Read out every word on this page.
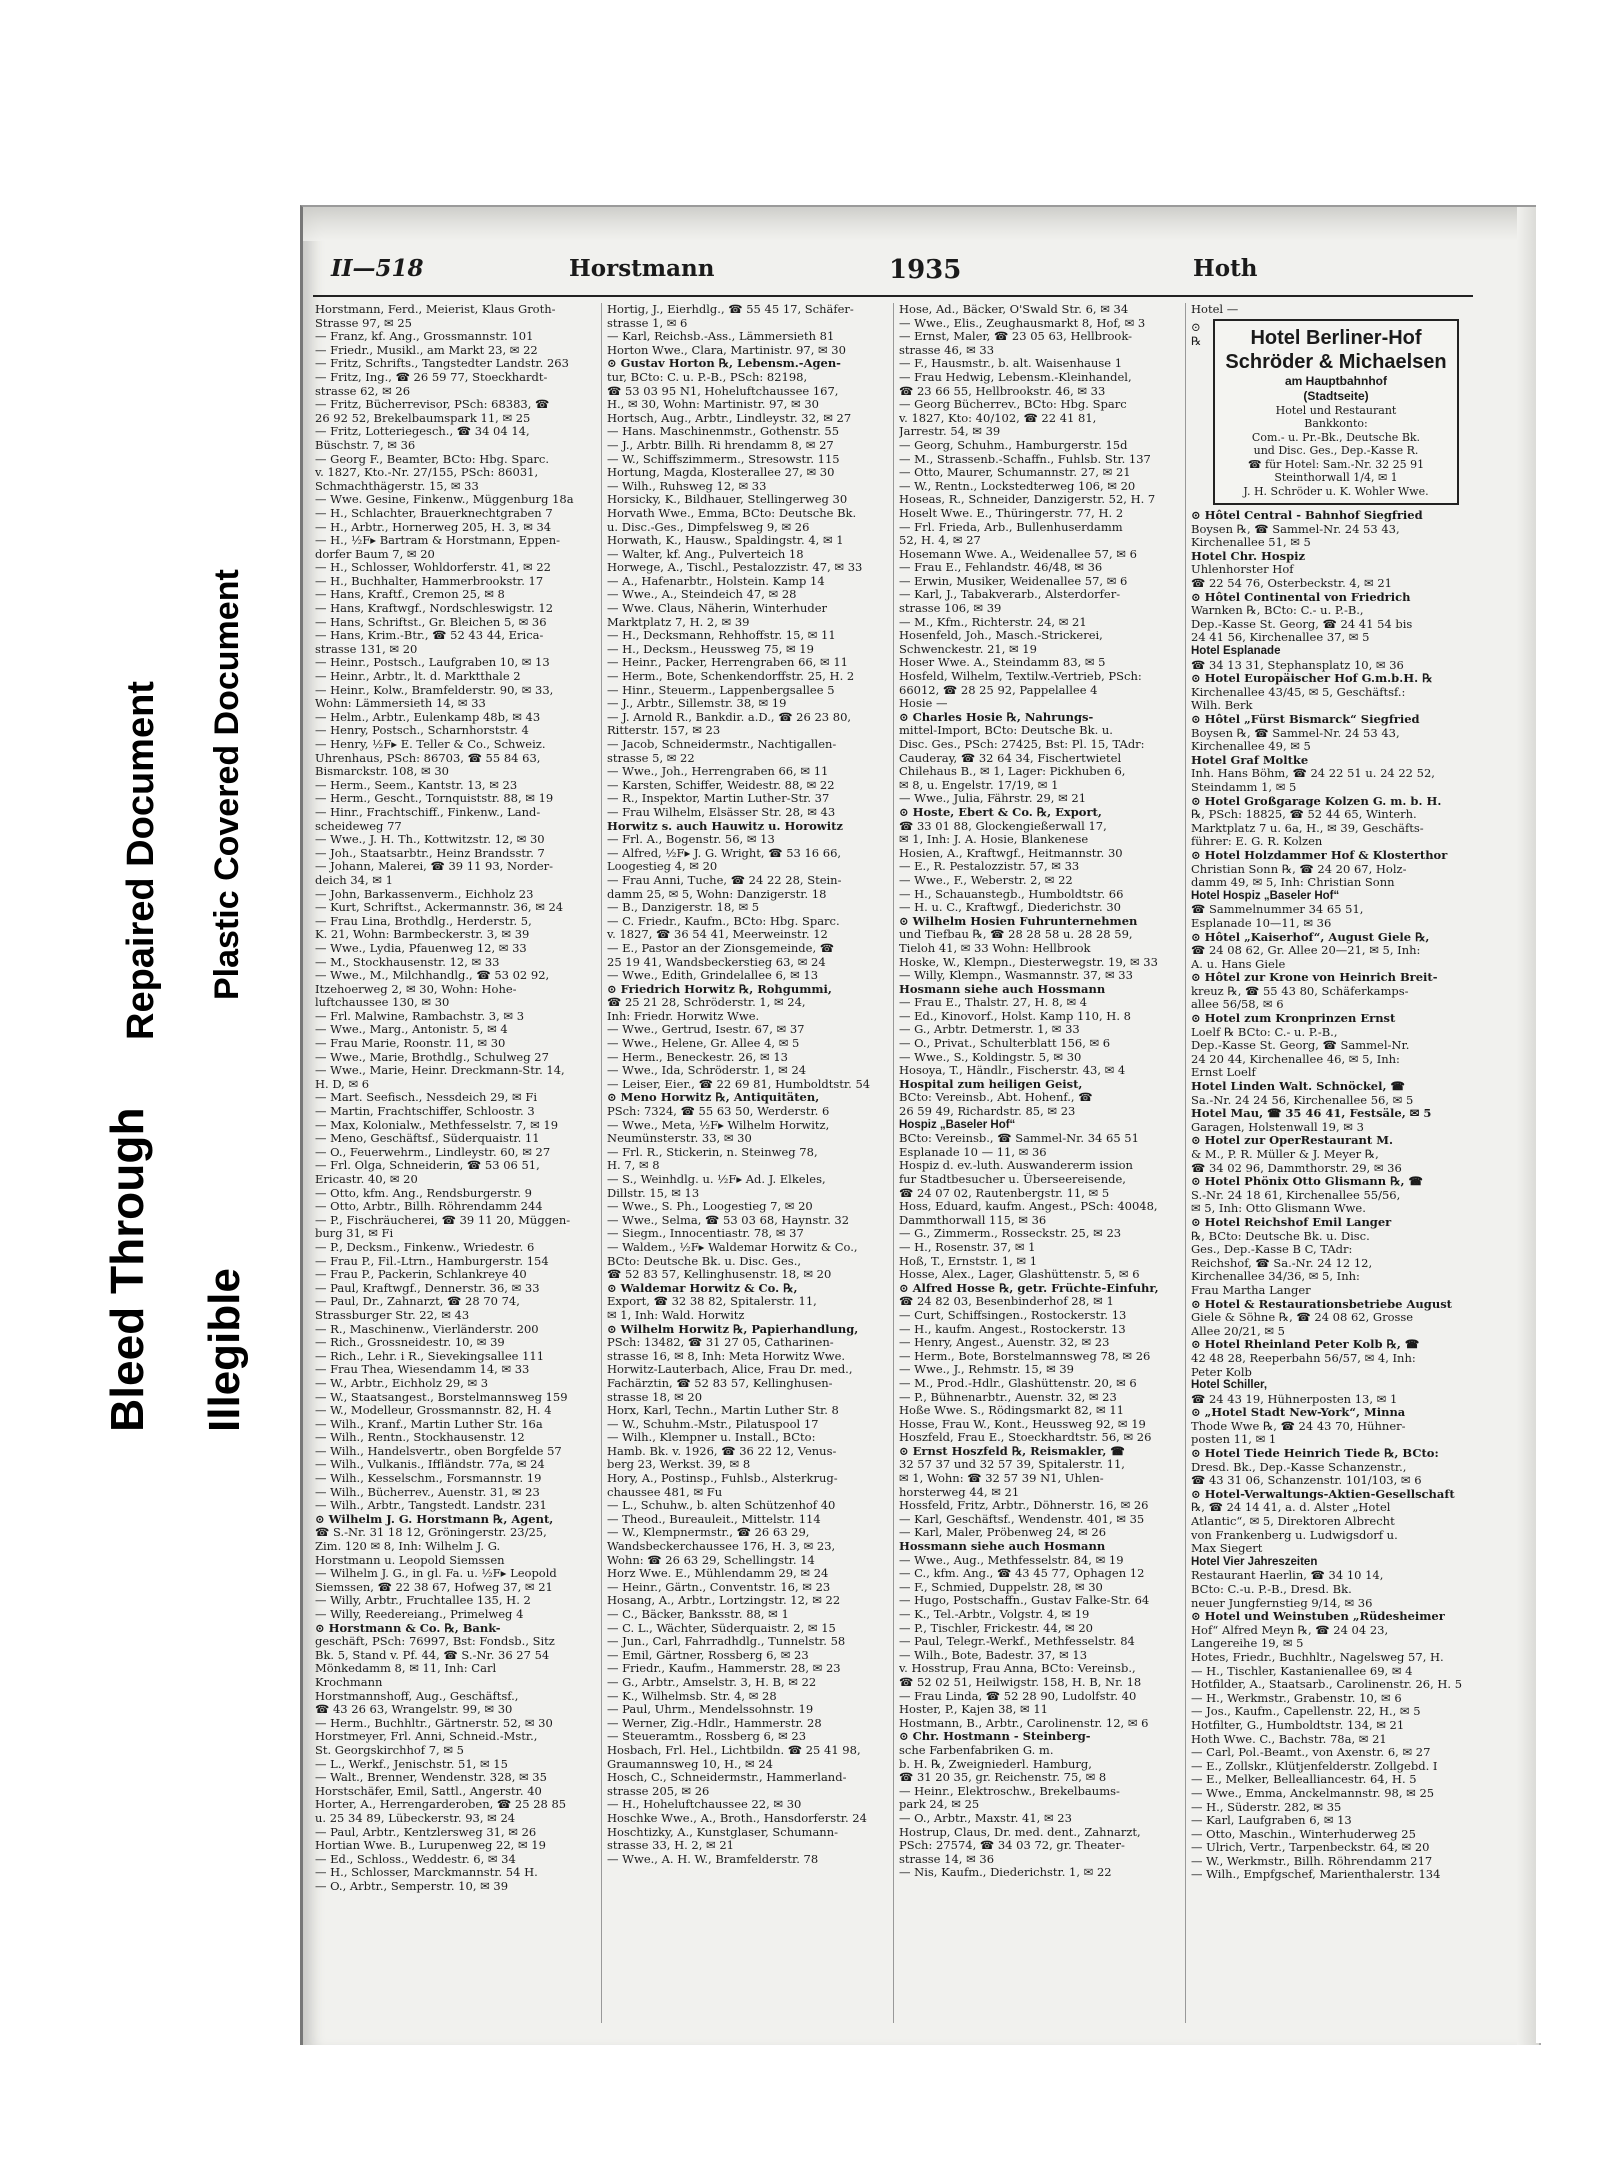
Bleed Through
Repaired Document
Illegible
Plastic Covered Document
II—518	Horstmann	1935	Hoth

Horstmann, Ferd., Meierist, Klaus Groth-

Strasse 97, ✉ 25

— Franz, kf. Ang., Grossmannstr. 101

— Friedr., Musikl., am Markt 23, ✉ 22

— Fritz, Schrifts., Tangstedter Landstr. 263

— Fritz, Ing., ☎ 26 59 77, Stoeckhardt-

strasse 62, ✉ 26

— Fritz, Bücherrevisor, PSch: 68383, ☎

26 92 52, Brekelbaumspark 11, ✉ 25

— Fritz, Lotteriegesch., ☎ 34 04 14,

Büschstr. 7, ✉ 36

— Georg F., Beamter, BCto: Hbg. Sparc.

v. 1827, Kto.-Nr. 27/155, PSch: 86031,

Schmachthägerstr. 15, ✉ 33

— Wwe. Gesine, Finkenw., Müggenburg 18a

— H., Schlachter, Brauerknechtgraben 7

— H., Arbtr., Hornerweg 205, H. 3, ✉ 34

— H., ½F▸ Bartram & Horstmann, Eppen-

dorfer Baum 7, ✉ 20

— H., Schlosser, Wohldorferstr. 41, ✉ 22

— H., Buchhalter, Hammerbrookstr. 17

— Hans, Kraftf., Cremon 25, ✉ 8

— Hans, Kraftwgf., Nordschleswigstr. 12

— Hans, Schriftst., Gr. Bleichen 5, ✉ 36

— Hans, Krim.-Btr., ☎ 52 43 44, Erica-

strasse 131, ✉ 20

— Heinr., Postsch., Laufgraben 10, ✉ 13

— Heinr., Arbtr., lt. d. Marktthale 2

— Heinr., Kolw., Bramfelderstr. 90, ✉ 33,

Wohn: Lämmersieth 14, ✉ 33

— Helm., Arbtr., Eulenkamp 48b, ✉ 43

— Henry, Postsch., Scharnhorststr. 4

— Henry, ½F▸ E. Teller & Co., Schweiz.

Uhrenhaus, PSch: 86703, ☎ 55 84 63,

Bismarckstr. 108, ✉ 30

— Herm., Seem., Kantstr. 13, ✉ 23

— Herm., Gescht., Tornquiststr. 88, ✉ 19

— Hinr., Frachtschiff., Finkenw., Land-

scheideweg 77

— Wwe., J. H. Th., Kottwitzstr. 12, ✉ 30

— Joh., Staatsarbtr., Heinz Brandsstr. 7

— Johann, Malerei, ☎ 39 11 93, Norder-

deich 34, ✉ 1

— John, Barkassenverm., Eichholz 23

— Kurt, Schriftst., Ackermannstr. 36, ✉ 24

— Frau Lina, Brothdlg., Herderstr. 5,

K. 21, Wohn: Barmbeckerstr. 3, ✉ 39

— Wwe., Lydia, Pfauenweg 12, ✉ 33

— M., Stockhausenstr. 12, ✉ 33

— Wwe., M., Milchhandlg., ☎ 53 02 92,

Itzehoerweg 2, ✉ 30, Wohn: Hohe-

luftchaussee 130, ✉ 30

— Frl. Malwine, Rambachstr. 3, ✉ 3

— Wwe., Marg., Antonistr. 5, ✉ 4

— Frau Marie, Roonstr. 11, ✉ 30

— Wwe., Marie, Brothdlg., Schulweg 27

— Wwe., Marie, Heinr. Dreckmann-Str. 14,

H. D, ✉ 6

— Mart. Seefisch., Nessdeich 29, ✉ Fi

— Martin, Frachtschiffer, Schloostr. 3

— Max, Kolonialw., Methfesselstr. 7, ✉ 19

— Meno, Geschäftsf., Süderquaistr. 11

— O., Feuerwehrm., Lindleystr. 60, ✉ 27

— Frl. Olga, Schneiderin, ☎ 53 06 51,

Ericastr. 40, ✉ 20

— Otto, kfm. Ang., Rendsburgerstr. 9

— Otto, Arbtr., Billh. Röhrendamm 244

— P., Fischräucherei, ☎ 39 11 20, Müggen-

burg 31, ✉ Fi

— P., Decksm., Finkenw., Wriedestr. 6

— Frau P., Fil.-Ltrn., Hamburgerstr. 154

— Frau P., Packerin, Schlankreye 40

— Paul, Kraftwgf., Dennerstr. 36, ✉ 33

— Paul, Dr., Zahnarzt, ☎ 28 70 74,

Strassburger Str. 22, ✉ 43

— R., Maschinenw., Vierländerstr. 200

— Rich., Grossneidestr. 10, ✉ 39

— Rich., Lehr. i R., Sievekingsallee 111

— Frau Thea, Wiesendamm 14, ✉ 33

— W., Arbtr., Eichholz 29, ✉ 3

— W., Staatsangest., Borstelmannsweg 159

— W., Modelleur, Grossmannstr. 82, H. 4

— Wilh., Kranf., Martin Luther Str. 16a

— Wilh., Rentn., Stockhausenstr. 12

— Wilh., Handelsvertr., oben Borgfelde 57

— Wilh., Vulkanis., Iffländstr. 77a, ✉ 24

— Wilh., Kesselschm., Forsmannstr. 19

— Wilh., Bücherrev., Auenstr. 31, ✉ 23

— Wilh., Arbtr., Tangstedt. Landstr. 231

⊙ Wilhelm J. G. Horstmann ℞, Agent,

☎ S.-Nr. 31 18 12, Gröningerstr. 23/25,

Zim. 120 ✉ 8, Inh: Wilhelm J. G.

Horstmann u. Leopold Siemssen

— Wilhelm J. G., in gl. Fa. u. ½F▸ Leopold

Siemssen, ☎ 22 38 67, Hofweg 37, ✉ 21

— Willy, Arbtr., Fruchtallee 135, H. 2

— Willy, Reedereiang., Primelweg 4

⊙ Horstmann & Co. ℞, Bank-

geschäft, PSch: 76997, Bst: Fondsb., Sitz

Bk. 5, Stand v. Pf. 44, ☎ S.-Nr. 36 27 54

Mönkedamm 8, ✉ 11, Inh: Carl

Krochmann

Horstmannshoff, Aug., Geschäftsf.,

☎ 43 26 63, Wrangelstr. 99, ✉ 30

— Herm., Buchhltr., Gärtnerstr. 52, ✉ 30

Horstmeyer, Frl. Anni, Schneid.-Mstr.,

St. Georgskirchhof 7, ✉ 5

— L., Werkf., Jenischstr. 51, ✉ 15

— Walt., Brenner, Wendenstr. 328, ✉ 35

Horstschäfer, Emil, Sattl., Angerstr. 40

Horter, A., Herrengarderoben, ☎ 25 28 85

u. 25 34 89, Lübeckerstr. 93, ✉ 24

— Paul, Arbtr., Kentzlersweg 31, ✉ 26

Hortian Wwe. B., Lurupenweg 22, ✉ 19

— Ed., Schloss., Weddestr. 6, ✉ 34

— H., Schlosser, Marckmannstr. 54 H.

— O., Arbtr., Semperstr. 10, ✉ 39

Hortig, J., Eierhdlg., ☎ 55 45 17, Schäfer-

strasse 1, ✉ 6

— Karl, Reichsb.-Ass., Lämmersieth 81

Horton Wwe., Clara, Martinistr. 97, ✉ 30

⊙ Gustav Horton ℞, Lebensm.-Agen-

tur, BCto: C. u. P.-B., PSch: 82198,

☎ 53 03 95 N1, Hoheluftchaussee 167,

H., ✉ 30, Wohn: Martinistr. 97, ✉ 30

Hortsch, Aug., Arbtr., Lindleystr. 32, ✉ 27

— Hans. Maschinenmstr., Gothenstr. 55

— J., Arbtr. Billh. Ri hrendamm 8, ✉ 27

— W., Schiffszimmerm., Stresowstr. 115

Hortung, Magda, Klosterallee 27, ✉ 30

— Wilh., Ruhsweg 12, ✉ 33

Horsicky, K., Bildhauer, Stellingerweg 30

Horvath Wwe., Emma, BCto: Deutsche Bk.

u. Disc.-Ges., Dimpfelsweg 9, ✉ 26

Horwath, K., Hausw., Spaldingstr. 4, ✉ 1

— Walter, kf. Ang., Pulverteich 18

Horwege, A., Tischl., Pestalozzistr. 47, ✉ 33

— A., Hafenarbtr., Holstein. Kamp 14

— Wwe., A., Steindeich 47, ✉ 28

— Wwe. Claus, Näherin, Winterhuder

Marktplatz 7, H. 2, ✉ 39

— H., Decksmann, Rehhoffstr. 15, ✉ 11

— H., Decksm., Heussweg 75, ✉ 19

— Heinr., Packer, Herrengraben 66, ✉ 11

— Herm., Bote, Schenkendorffstr. 25, H. 2

— Hinr., Steuerm., Lappenbergsallee 5

— J., Arbtr., Sillemstr. 38, ✉ 19

— J. Arnold R., Bankdir. a.D., ☎ 26 23 80,

Ritterstr. 157, ✉ 23

— Jacob, Schneidermstr., Nachtigallen-

strasse 5, ✉ 22

— Wwe., Joh., Herrengraben 66, ✉ 11

— Karsten, Schiffer, Weidestr. 88, ✉ 22

— R., Inspektor, Martin Luther-Str. 37

— Frau Wilhelm, Elsässer Str. 28, ✉ 43

Horwitz s. auch Hauwitz u. Horowitz

— Frl. A., Bogenstr. 56, ✉ 13

— Alfred, ½F▸ J. G. Wright, ☎ 53 16 66,

Loogestieg 4, ✉ 20

— Frau Anni, Tuche, ☎ 24 22 28, Stein-

damm 25, ✉ 5, Wohn: Danzigerstr. 18

— B., Danzigerstr. 18, ✉ 5

— C. Friedr., Kaufm., BCto: Hbg. Sparc.

v. 1827, ☎ 36 54 41, Meerweinstr. 12

— E., Pastor an der Zionsgemeinde, ☎

25 19 41, Wandsbeckerstieg 63, ✉ 24

— Wwe., Edith, Grindelallee 6, ✉ 13

⊙ Friedrich Horwitz ℞, Rohgummi,

☎ 25 21 28, Schröderstr. 1, ✉ 24,

Inh: Friedr. Horwitz Wwe.

— Wwe., Gertrud, Isestr. 67, ✉ 37

— Wwe., Helene, Gr. Allee 4, ✉ 5

— Herm., Beneckestr. 26, ✉ 13

— Wwe., Ida, Schröderstr. 1, ✉ 24

— Leiser, Eier., ☎ 22 69 81, Humboldtstr. 54

⊙ Meno Horwitz ℞, Antiquitäten,

PSch: 7324, ☎ 55 63 50, Werderstr. 6

— Wwe., Meta, ½F▸ Wilhelm Horwitz,

Neumünsterstr. 33, ✉ 30

— Frl. R., Stickerin, n. Steinweg 78,

H. 7, ✉ 8

— S., Weinhdlg. u. ½F▸ Ad. J. Elkeles,

Dillstr. 15, ✉ 13

— Wwe., S. Ph., Loogestieg 7, ✉ 20

— Wwe., Selma, ☎ 53 03 68, Haynstr. 32

— Siegm., Innocentiastr. 78, ✉ 37

— Waldem., ½F▸ Waldemar Horwitz & Co.,

BCto: Deutsche Bk. u. Disc. Ges.,

☎ 52 83 57, Kellinghusenstr. 18, ✉ 20

⊙ Waldemar Horwitz & Co. ℞,

Export, ☎ 32 38 82, Spitalerstr. 11,

✉ 1, Inh: Wald. Horwitz

⊙ Wilhelm Horwitz ℞, Papierhandlung,

PSch: 13482, ☎ 31 27 05, Catharinen-

strasse 16, ✉ 8, Inh: Meta Horwitz Wwe.

Horwitz-Lauterbach, Alice, Frau Dr. med.,

Fachärztin, ☎ 52 83 57, Kellinghusen-

strasse 18, ✉ 20

Horx, Karl, Techn., Martin Luther Str. 8

— W., Schuhm.-Mstr., Pilatuspool 17

— Wilh., Klempner u. Install., BCto:

Hamb. Bk. v. 1926, ☎ 36 22 12, Venus-

berg 23, Werkst. 39, ✉ 8

Hory, A., Postinsp., Fuhlsb., Alsterkrug-

chaussee 481, ✉ Fu

— L., Schuhw., b. alten Schützenhof 40

— Theod., Bureauleit., Mittelstr. 114

— W., Klempnermstr., ☎ 26 63 29,

Wandsbeckerchaussee 176, H. 3, ✉ 23,

Wohn: ☎ 26 63 29, Schellingstr. 14

Horz Wwe. E., Mühlendamm 29, ✉ 24

— Heinr., Gärtn., Conventstr. 16, ✉ 23

Hosang, A., Arbtr., Lortzingstr. 12, ✉ 22

— C., Bäcker, Banksstr. 88, ✉ 1

— C. L., Wächter, Süderquaistr. 2, ✉ 15

— Jun., Carl, Fahrradhdlg., Tunnelstr. 58

— Emil, Gärtner, Rossberg 6, ✉ 23

— Friedr., Kaufm., Hammerstr. 28, ✉ 23

— G., Arbtr., Amselstr. 3, H. B, ✉ 22

— K., Wilhelmsb. Str. 4, ✉ 28

— Paul, Uhrm., Mendelssohnstr. 19

— Werner, Zig.-Hdlr., Hammerstr. 28

— Steueramtm., Rossberg 6, ✉ 23

Hosbach, Frl. Hel., Lichtbildn. ☎ 25 41 98,

Graumannsweg 10, H., ✉ 24

Hosch, C., Schneidermstr., Hammerland-

strasse 205, ✉ 26

— H., Hoheluftchaussee 22, ✉ 30

Hoschke Wwe., A., Broth., Hansdorferstr. 24

Hoschtizky, A., Kunstglaser, Schumann-

strasse 33, H. 2, ✉ 21

— Wwe., A. H. W., Bramfelderstr. 78

Hose, Ad., Bäcker, O'Swald Str. 6, ✉ 34

— Wwe., Elis., Zeughausmarkt 8, Hof, ✉ 3

— Ernst, Maler, ☎ 23 05 63, Hellbrook-

strasse 46, ✉ 33

— F., Hausmstr., b. alt. Waisenhause 1

— Frau Hedwig, Lebensm.-Kleinhandel,

☎ 23 66 55, Hellbrookstr. 46, ✉ 33

— Georg Bücherrev., BCto: Hbg. Sparc

v. 1827, Kto: 40/102, ☎ 22 41 81,

Jarrestr. 54, ✉ 39

— Georg, Schuhm., Hamburgerstr. 15d

— M., Strassenb.-Schaffn., Fuhlsb. Str. 137

— Otto, Maurer, Schumannstr. 27, ✉ 21

— W., Rentn., Lockstedterweg 106, ✉ 20

Hoseas, R., Schneider, Danzigerstr. 52, H. 7

Hoselt Wwe. E., Thüringerstr. 77, H. 2

— Frl. Frieda, Arb., Bullenhuserdamm

52, H. 4, ✉ 27

Hosemann Wwe. A., Weidenallee 57, ✉ 6

— Frau E., Fehlandstr. 46/48, ✉ 36

— Erwin, Musiker, Weidenallee 57, ✉ 6

— Karl, J., Tabakverarb., Alsterdorfer-

strasse 106, ✉ 39

— M., Kfm., Richterstr. 24, ✉ 21

Hosenfeld, Joh., Masch.-Strickerei,

Schwenckestr. 21, ✉ 19

Hoser Wwe. A., Steindamm 83, ✉ 5

Hosfeld, Wilhelm, Textilw.-Vertrieb, PSch:

66012, ☎ 28 25 92, Pappelallee 4

Hosie —

⊙ Charles Hosie ℞, Nahrungs-

mittel-Import, BCto: Deutsche Bk. u.

Disc. Ges., PSch: 27425, Bst: Pl. 15, TAdr:

Cauderay, ☎ 32 64 34, Fischertwietel

Chilehaus B., ✉ 1, Lager: Pickhuben 6,

✉ 8, u. Engelstr. 17/19, ✉ 1

— Wwe., Julia, Fährstr. 29, ✉ 21

⊙ Hoste, Ebert & Co. ℞, Export,

☎ 33 01 88, Glockengießerwall 17,

✉ 1, Inh: J. A. Hosie, Blankenese

Hosien, A., Kraftwgf., Heitmannstr. 30

— E., R. Pestalozzistr. 57, ✉ 33

— Wwe., F., Weberstr. 2, ✉ 22

— H., Schauanstegb., Humboldtstr. 66

— H. u. C., Kraftwgf., Diederichstr. 30

⊙ Wilhelm Hosien Fuhrunternehmen

und Tiefbau ℞, ☎ 28 28 58 u. 28 28 59,

Tieloh 41, ✉ 33 Wohn: Hellbrook

Hoske, W., Klempn., Diesterwegstr. 19, ✉ 33

— Willy, Klempn., Wasmannstr. 37, ✉ 33

Hosmann siehe auch Hossmann

— Frau E., Thalstr. 27, H. 8, ✉ 4

— Ed., Kinovorf., Holst. Kamp 110, H. 8

— G., Arbtr. Detmerstr. 1, ✉ 33

— O., Privat., Schulterblatt 156, ✉ 6

— Wwe., S., Koldingstr. 5, ✉ 30

Hosoya, T., Händlr., Fischerstr. 43, ✉ 4

Hospital zum heiligen Geist,

BCto: Vereinsb., Abt. Hohenf., ☎

26 59 49, Richardstr. 85, ✉ 23

Hospiz „Baseler Hof“

BCto: Vereinsb., ☎ Sammel-Nr. 34 65 51

Esplanade 10 — 11, ✉ 36

Hospiz d. ev.-luth. Auswandererm ission

fur Stadtbesucher u. Überseereisende,

☎ 24 07 02, Rautenbergstr. 11, ✉ 5

Hoss, Eduard, kaufm. Angest., PSch: 40048,

Dammthorwall 115, ✉ 36

— G., Zimmerm., Rosseckstr. 25, ✉ 23

— H., Rosenstr. 37, ✉ 1

Hoß, T., Ernststr. 1, ✉ 1

Hosse, Alex., Lager, Glashüttenstr. 5, ✉ 6

⊙ Alfred Hosse ℞, getr. Früchte-Einfuhr,

☎ 24 82 03, Besenbinderhof 28, ✉ 1

— Curt, Schiffsingen., Rostockerstr. 13

— H., kaufm. Angest., Rostockerstr. 13

— Henry, Angest., Auenstr. 32, ✉ 23

— Herm., Bote, Borstelmannsweg 78, ✉ 26

— Wwe., J., Rehmstr. 15, ✉ 39

— M., Prod.-Hdlr., Glashüttenstr. 20, ✉ 6

— P., Bühnenarbtr., Auenstr. 32, ✉ 23

Hoße Wwe. S., Rödingsmarkt 82, ✉ 11

Hosse, Frau W., Kont., Heussweg 92, ✉ 19

Hoszfeld, Frau E., Stoeckhardtstr. 56, ✉ 26

⊙ Ernst Hoszfeld ℞, Reismakler, ☎

32 57 37 und 32 57 39, Spitalerstr. 11,

✉ 1, Wohn: ☎ 32 57 39 N1, Uhlen-

horsterweg 44, ✉ 21

Hossfeld, Fritz, Arbtr., Döhnerstr. 16, ✉ 26

— Karl, Geschäftsf., Wendenstr. 401, ✉ 35

— Karl, Maler, Pröbenweg 24, ✉ 26

Hossmann siehe auch Hosmann

— Wwe., Aug., Methfesselstr. 84, ✉ 19

— C., kfm. Ang., ☎ 43 45 77, Ophagen 12

— F., Schmied, Duppelstr. 28, ✉ 30

— Hugo, Postschaffn., Gustav Falke-Str. 64

— K., Tel.-Arbtr., Volgstr. 4, ✉ 19

— P., Tischler, Frickestr. 44, ✉ 20

— Paul, Telegr.-Werkf., Methfesselstr. 84

— Wilh., Bote, Badestr. 37, ✉ 13

v. Hosstrup, Frau Anna, BCto: Vereinsb.,

☎ 52 02 51, Heilwigstr. 158, H. B, Nr. 18

— Frau Linda, ☎ 52 28 90, Ludolfstr. 40

Hoster, P., Kajen 38, ✉ 11

Hostmann, B., Arbtr., Carolinenstr. 12, ✉ 6

⊙ Chr. Hostmann - Steinberg-

sche Farbenfabriken G. m.

b. H. ℞, Zweigniederl. Hamburg,

☎ 31 20 35, gr. Reichenstr. 75, ✉ 8

— Heinr., Elektroschw., Brekelbaums-

park 24, ✉ 25

— O., Arbtr., Maxstr. 41, ✉ 23

Hostrup, Claus, Dr. med. dent., Zahnarzt,

PSch: 27574, ☎ 34 03 72, gr. Theater-

strasse 14, ✉ 36

— Nis, Kaufm., Diederichstr. 1, ✉ 22

Hotel —

⊙

℞	Hotel Berliner-Hof
Schröder & Michaelsen
am Hauptbahnhof
(Stadtseite)
Hotel und Restaurant
Bankkonto:
Com.- u. Pr.-Bk., Deutsche Bk.
und Disc. Ges., Dep.-Kasse R.
☎ für Hotel: Sam.-Nr. 32 25 91
Steinthorwall 1/4, ✉ 1
J. H. Schröder u. K. Wohler Wwe.

⊙ Hôtel Central - Bahnhof Siegfried

Boysen ℞, ☎ Sammel-Nr. 24 53 43,

Kirchenallee 51, ✉ 5

Hotel Chr. Hospiz

Uhlenhorster Hof

☎ 22 54 76, Osterbeckstr. 4, ✉ 21

⊙ Hôtel Continental von Friedrich

Warnken ℞, BCto: C.- u. P.-B.,

Dep.-Kasse St. Georg, ☎ 24 41 54 bis

24 41 56, Kirchenallee 37, ✉ 5

Hotel Esplanade

☎ 34 13 31, Stephansplatz 10, ✉ 36

⊙ Hotel Europäischer Hof G.m.b.H. ℞

Kirchenallee 43/45, ✉ 5, Geschäftsf.:

Wilh. Berk

⊙ Hôtel „Fürst Bismarck“ Siegfried

Boysen ℞, ☎ Sammel-Nr. 24 53 43,

Kirchenallee 49, ✉ 5

Hotel Graf Moltke

Inh. Hans Böhm, ☎ 24 22 51 u. 24 22 52,

Steindamm 1, ✉ 5

⊙ Hotel Großgarage Kolzen G. m. b. H.

℞, PSch: 18825, ☎ 52 44 65, Winterh.

Marktplatz 7 u. 6a, H., ✉ 39, Geschäfts-

führer: E. G. R. Kolzen

⊙ Hotel Holzdammer Hof & Klosterthor

Christian Sonn ℞, ☎ 24 20 67, Holz-

damm 49, ✉ 5, Inh: Christian Sonn

Hotel Hospiz „Baseler Hof“

☎ Sammelnummer 34 65 51,

Esplanade 10—11, ✉ 36

⊙ Hôtel „Kaiserhof“, August Giele ℞,

☎ 24 08 62, Gr. Allee 20—21, ✉ 5, Inh:

A. u. Hans Giele

⊙ Hôtel zur Krone von Heinrich Breit-

kreuz ℞, ☎ 55 43 80, Schäferkamps-

allee 56/58, ✉ 6

⊙ Hotel zum Kronprinzen Ernst

Loelf ℞ BCto: C.- u. P.-B.,

Dep.-Kasse St. Georg, ☎ Sammel-Nr.

24 20 44, Kirchenallee 46, ✉ 5, Inh:

Ernst Loelf

Hotel Linden Walt. Schnöckel, ☎

Sa.-Nr. 24 24 56, Kirchenallee 56, ✉ 5

Hotel Mau, ☎ 35 46 41, Festsäle, ✉ 5

Garagen, Holstenwall 19, ✉ 3

⊙ Hotel zur OperRestaurant M.

& M., P. R. Müller & J. Meyer ℞,

☎ 34 02 96, Dammthorstr. 29, ✉ 36

⊙ Hotel Phönix Otto Glismann ℞, ☎

S.-Nr. 24 18 61, Kirchenallee 55/56,

✉ 5, Inh: Otto Glismann Wwe.

⊙ Hotel Reichshof Emil Langer

℞, BCto: Deutsche Bk. u. Disc.

Ges., Dep.-Kasse B C, TAdr:

Reichshof, ☎ Sa.-Nr. 24 12 12,

Kirchenallee 34/36, ✉ 5, Inh:

Frau Martha Langer

⊙ Hotel & Restaurationsbetriebe August

Giele & Söhne ℞, ☎ 24 08 62, Grosse

Allee 20/21, ✉ 5

⊙ Hotel Rheinland Peter Kolb ℞, ☎

42 48 28, Reeperbahn 56/57, ✉ 4, Inh:

Peter Kolb

Hotel Schiller,

☎ 24 43 19, Hühnerposten 13, ✉ 1

⊙ „Hotel Stadt New-York“, Minna

Thode Wwe ℞, ☎ 24 43 70, Hühner-

posten 11, ✉ 1

⊙ Hotel Tiede Heinrich Tiede ℞, BCto:

Dresd. Bk., Dep.-Kasse Schanzenstr.,

☎ 43 31 06, Schanzenstr. 101/103, ✉ 6

⊙ Hotel-Verwaltungs-Aktien-Gesellschaft

℞, ☎ 24 14 41, a. d. Alster „Hotel

Atlantic“, ✉ 5, Direktoren Albrecht

von Frankenberg u. Ludwigsdorf u.

Max Siegert

Hotel Vier Jahreszeiten

Restaurant Haerlin, ☎ 34 10 14,

BCto: C.-u. P.-B., Dresd. Bk.

neuer Jungfernstieg 9/14, ✉ 36

⊙ Hotel und Weinstuben „Rüdesheimer

Hof“ Alfred Meyn ℞, ☎ 24 04 23,

Langereihe 19, ✉ 5

Hotes, Friedr., Buchhltr., Nagelsweg 57, H.

— H., Tischler, Kastanienallee 69, ✉ 4

Hotfilder, A., Staatsarb., Carolinenstr. 26, H. 5

— H., Werkmstr., Grabenstr. 10, ✉ 6

— Jos., Kaufm., Capellenstr. 22, H., ✉ 5

Hotfilter, G., Humboldtstr. 134, ✉ 21

Hoth Wwe. C., Bachstr. 78a, ✉ 21

— Carl, Pol.-Beamt., von Axenstr. 6, ✉ 27

— E., Zollskr., Klütjenfelderstr. Zollgebd. I

— E., Melker, Bellealliancestr. 64, H. 5

— Wwe., Emma, Anckelmannstr. 98, ✉ 25

— H., Süderstr. 282, ✉ 35

— Karl, Laufgraben 6, ✉ 13

— Otto, Maschin., Winterhuderweg 25

— Ulrich, Vertr., Tarpenbeckstr. 64, ✉ 20

— W., Werkmstr., Billh. Röhrendamm 217

— Wilh., Empfgschef, Marienthalerstr. 134
